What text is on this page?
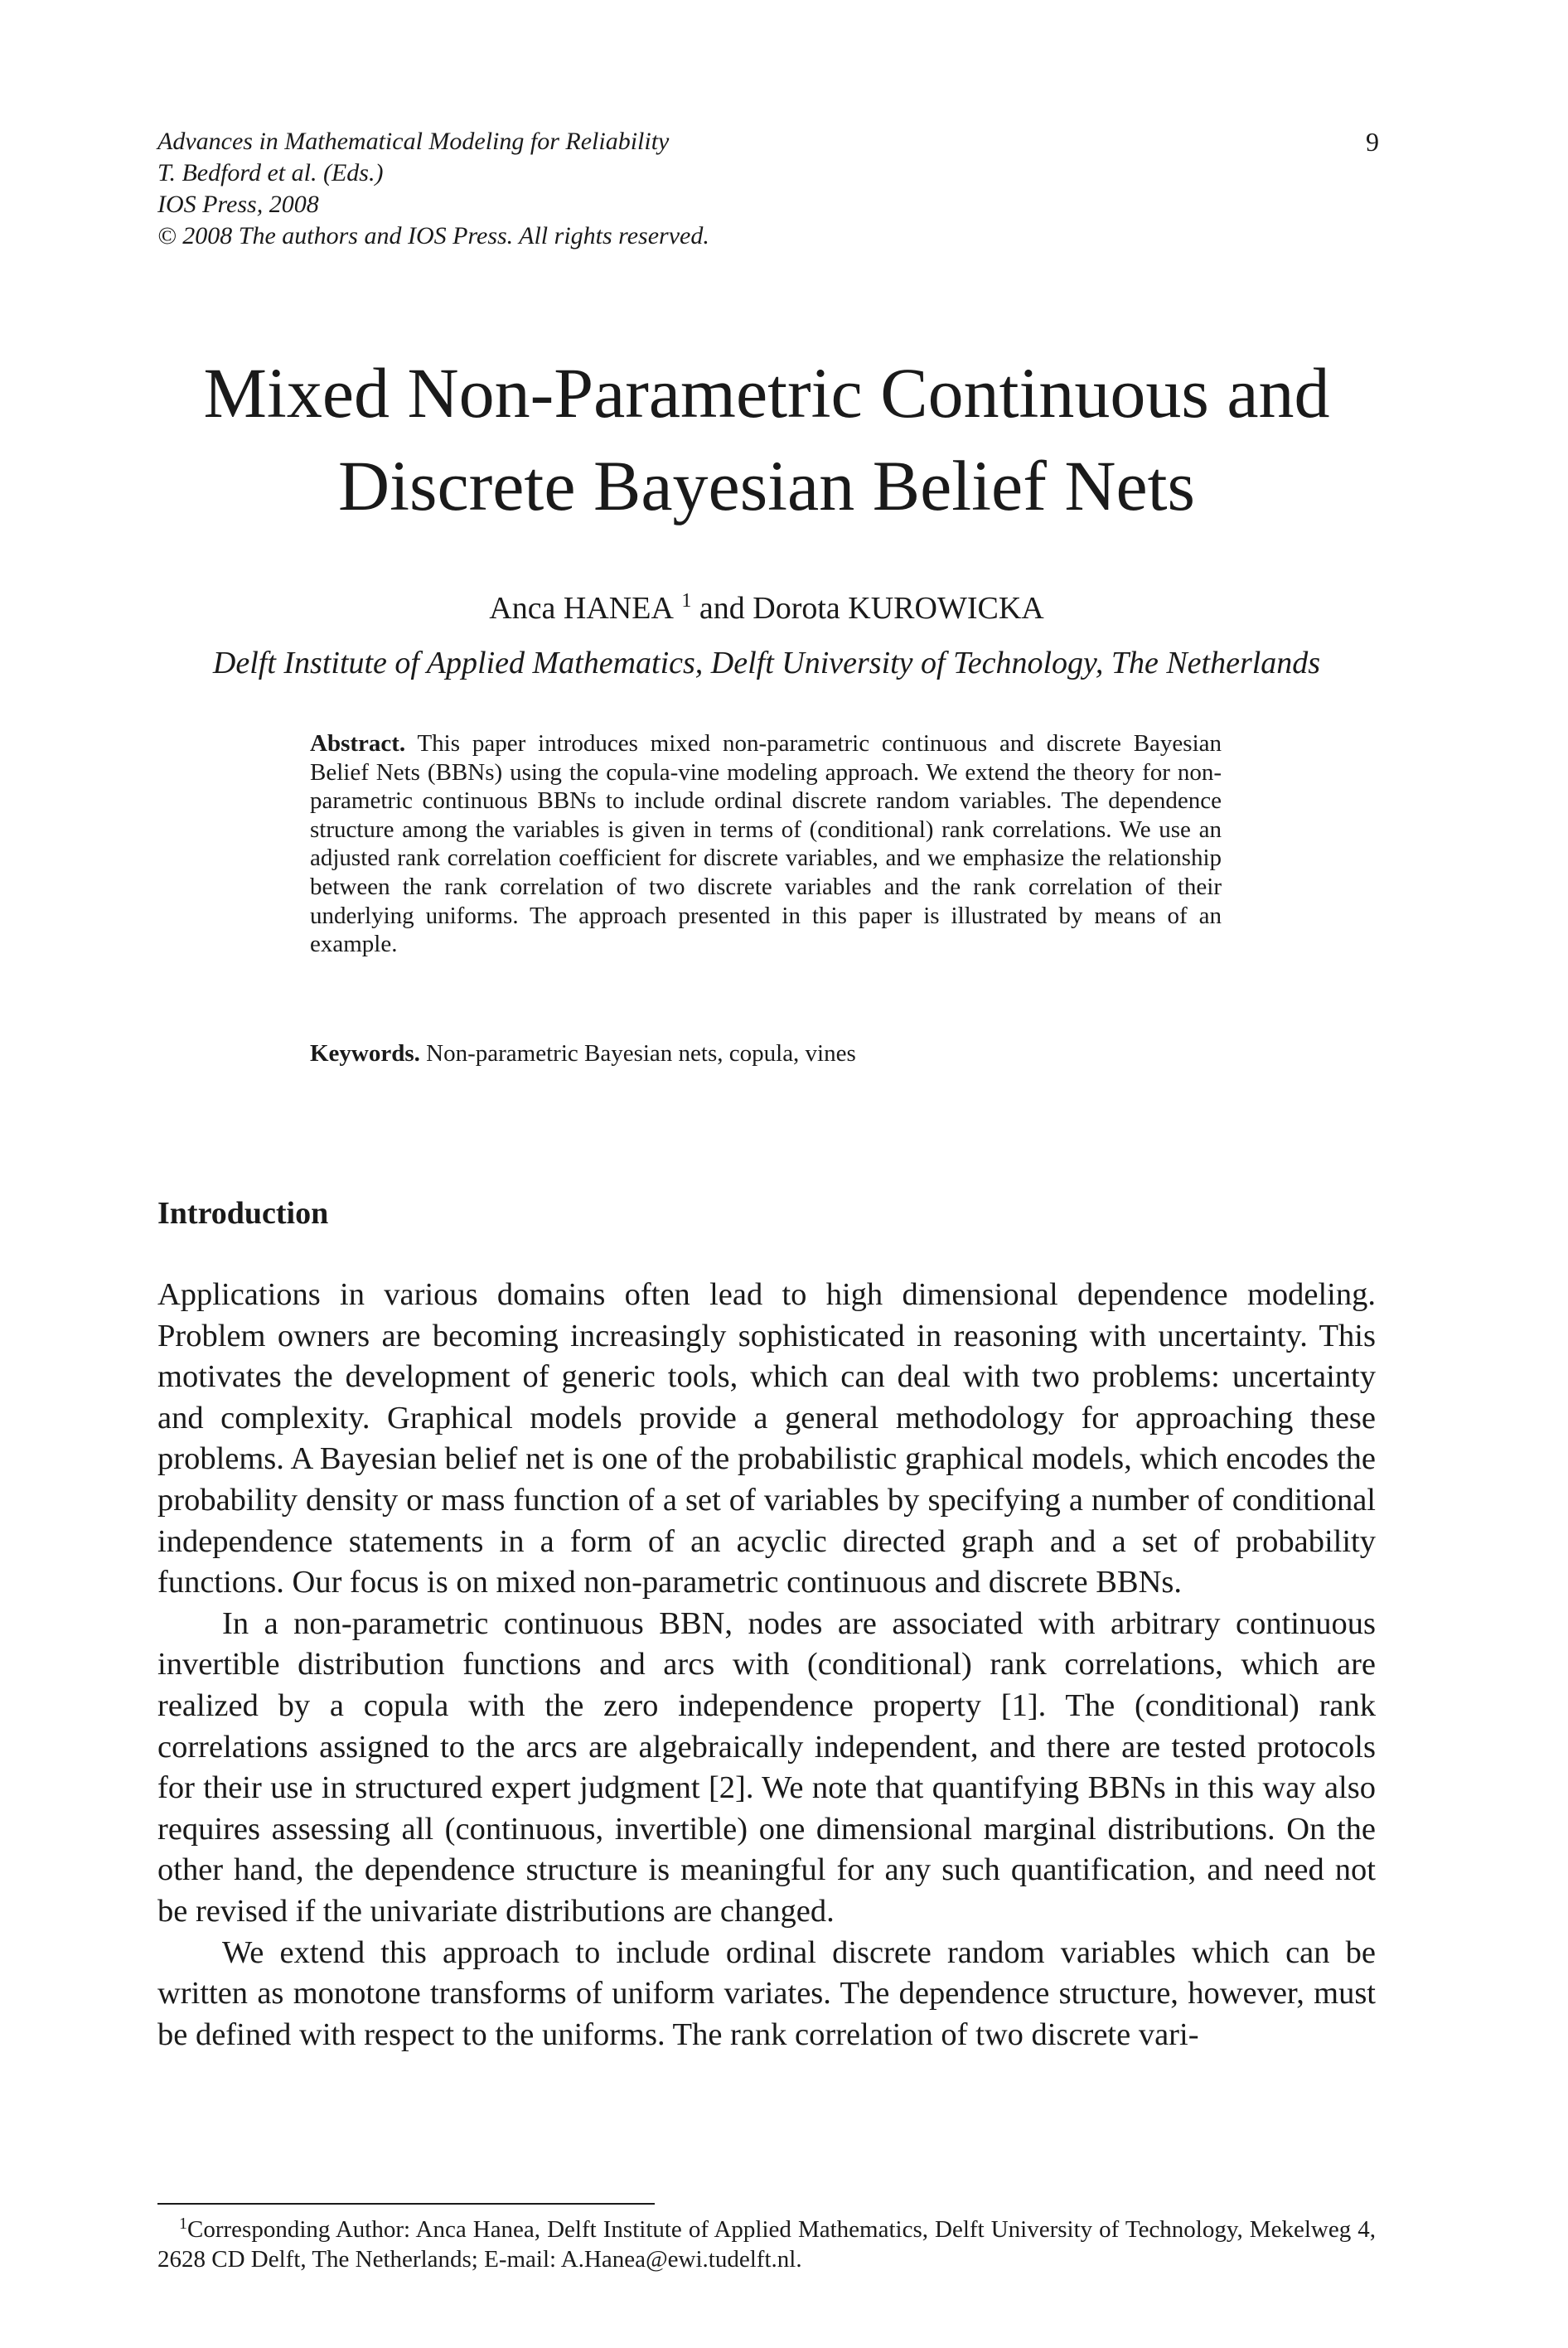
Advances in Mathematical Modeling for Reliability
T. Bedford et al. (Eds.)
IOS Press, 2008
© 2008 The authors and IOS Press. All rights reserved.
9
Mixed Non-Parametric Continuous and
Discrete Bayesian Belief Nets
Anca HANEA $^1$ and Dorota KUROWICKA
Delft Institute of Applied Mathematics, Delft University of Technology, The Netherlands

Abstract. This paper introduces mixed non-parametric continuous and discrete Bayesian Belief Nets (BBNs) using the copula-vine modeling approach. We extend the theory for non-parametric continuous BBNs to include ordinal discrete random variables. The dependence structure among the variables is given in terms of (conditional) rank correlations. We use an adjusted rank correlation coefficient for discrete variables, and we emphasize the relationship between the rank correlation of two discrete variables and the rank correlation of their underlying uniforms. The approach presented in this paper is illustrated by means of an example.

Keywords. Non-parametric Bayesian nets, copula, vines

Introduction

Applications in various domains often lead to high dimensional dependence modeling. Problem owners are becoming increasingly sophisticated in reasoning with uncertainty. This motivates the development of generic tools, which can deal with two problems: uncertainty and complexity. Graphical models provide a general methodology for approaching these problems. A Bayesian belief net is one of the probabilistic graphical models, which encodes the probability density or mass function of a set of variables by specifying a number of conditional independence statements in a form of an acyclic directed graph and a set of probability functions. Our focus is on mixed non-parametric continuous and discrete BBNs.

In a non-parametric continuous BBN, nodes are associated with arbitrary continuous invertible distribution functions and arcs with (conditional) rank correlations, which are realized by a copula with the zero independence property [1]. The (conditional) rank correlations assigned to the arcs are algebraically independent, and there are tested protocols for their use in structured expert judgment [2]. We note that quantifying BBNs in this way also requires assessing all (continuous, invertible) one dimensional marginal distributions. On the other hand, the dependence structure is meaningful for any such quantification, and need not be revised if the univariate distributions are changed.

We extend this approach to include ordinal discrete random variables which can be written as monotone transforms of uniform variates. The dependence structure, however, must be defined with respect to the uniforms. The rank correlation of two discrete vari-

$^1$Corresponding Author: Anca Hanea, Delft Institute of Applied Mathematics, Delft University of Technology, Mekelweg 4, 2628 CD Delft, The Netherlands; E-mail: A.Hanea@ewi.tudelft.nl.
